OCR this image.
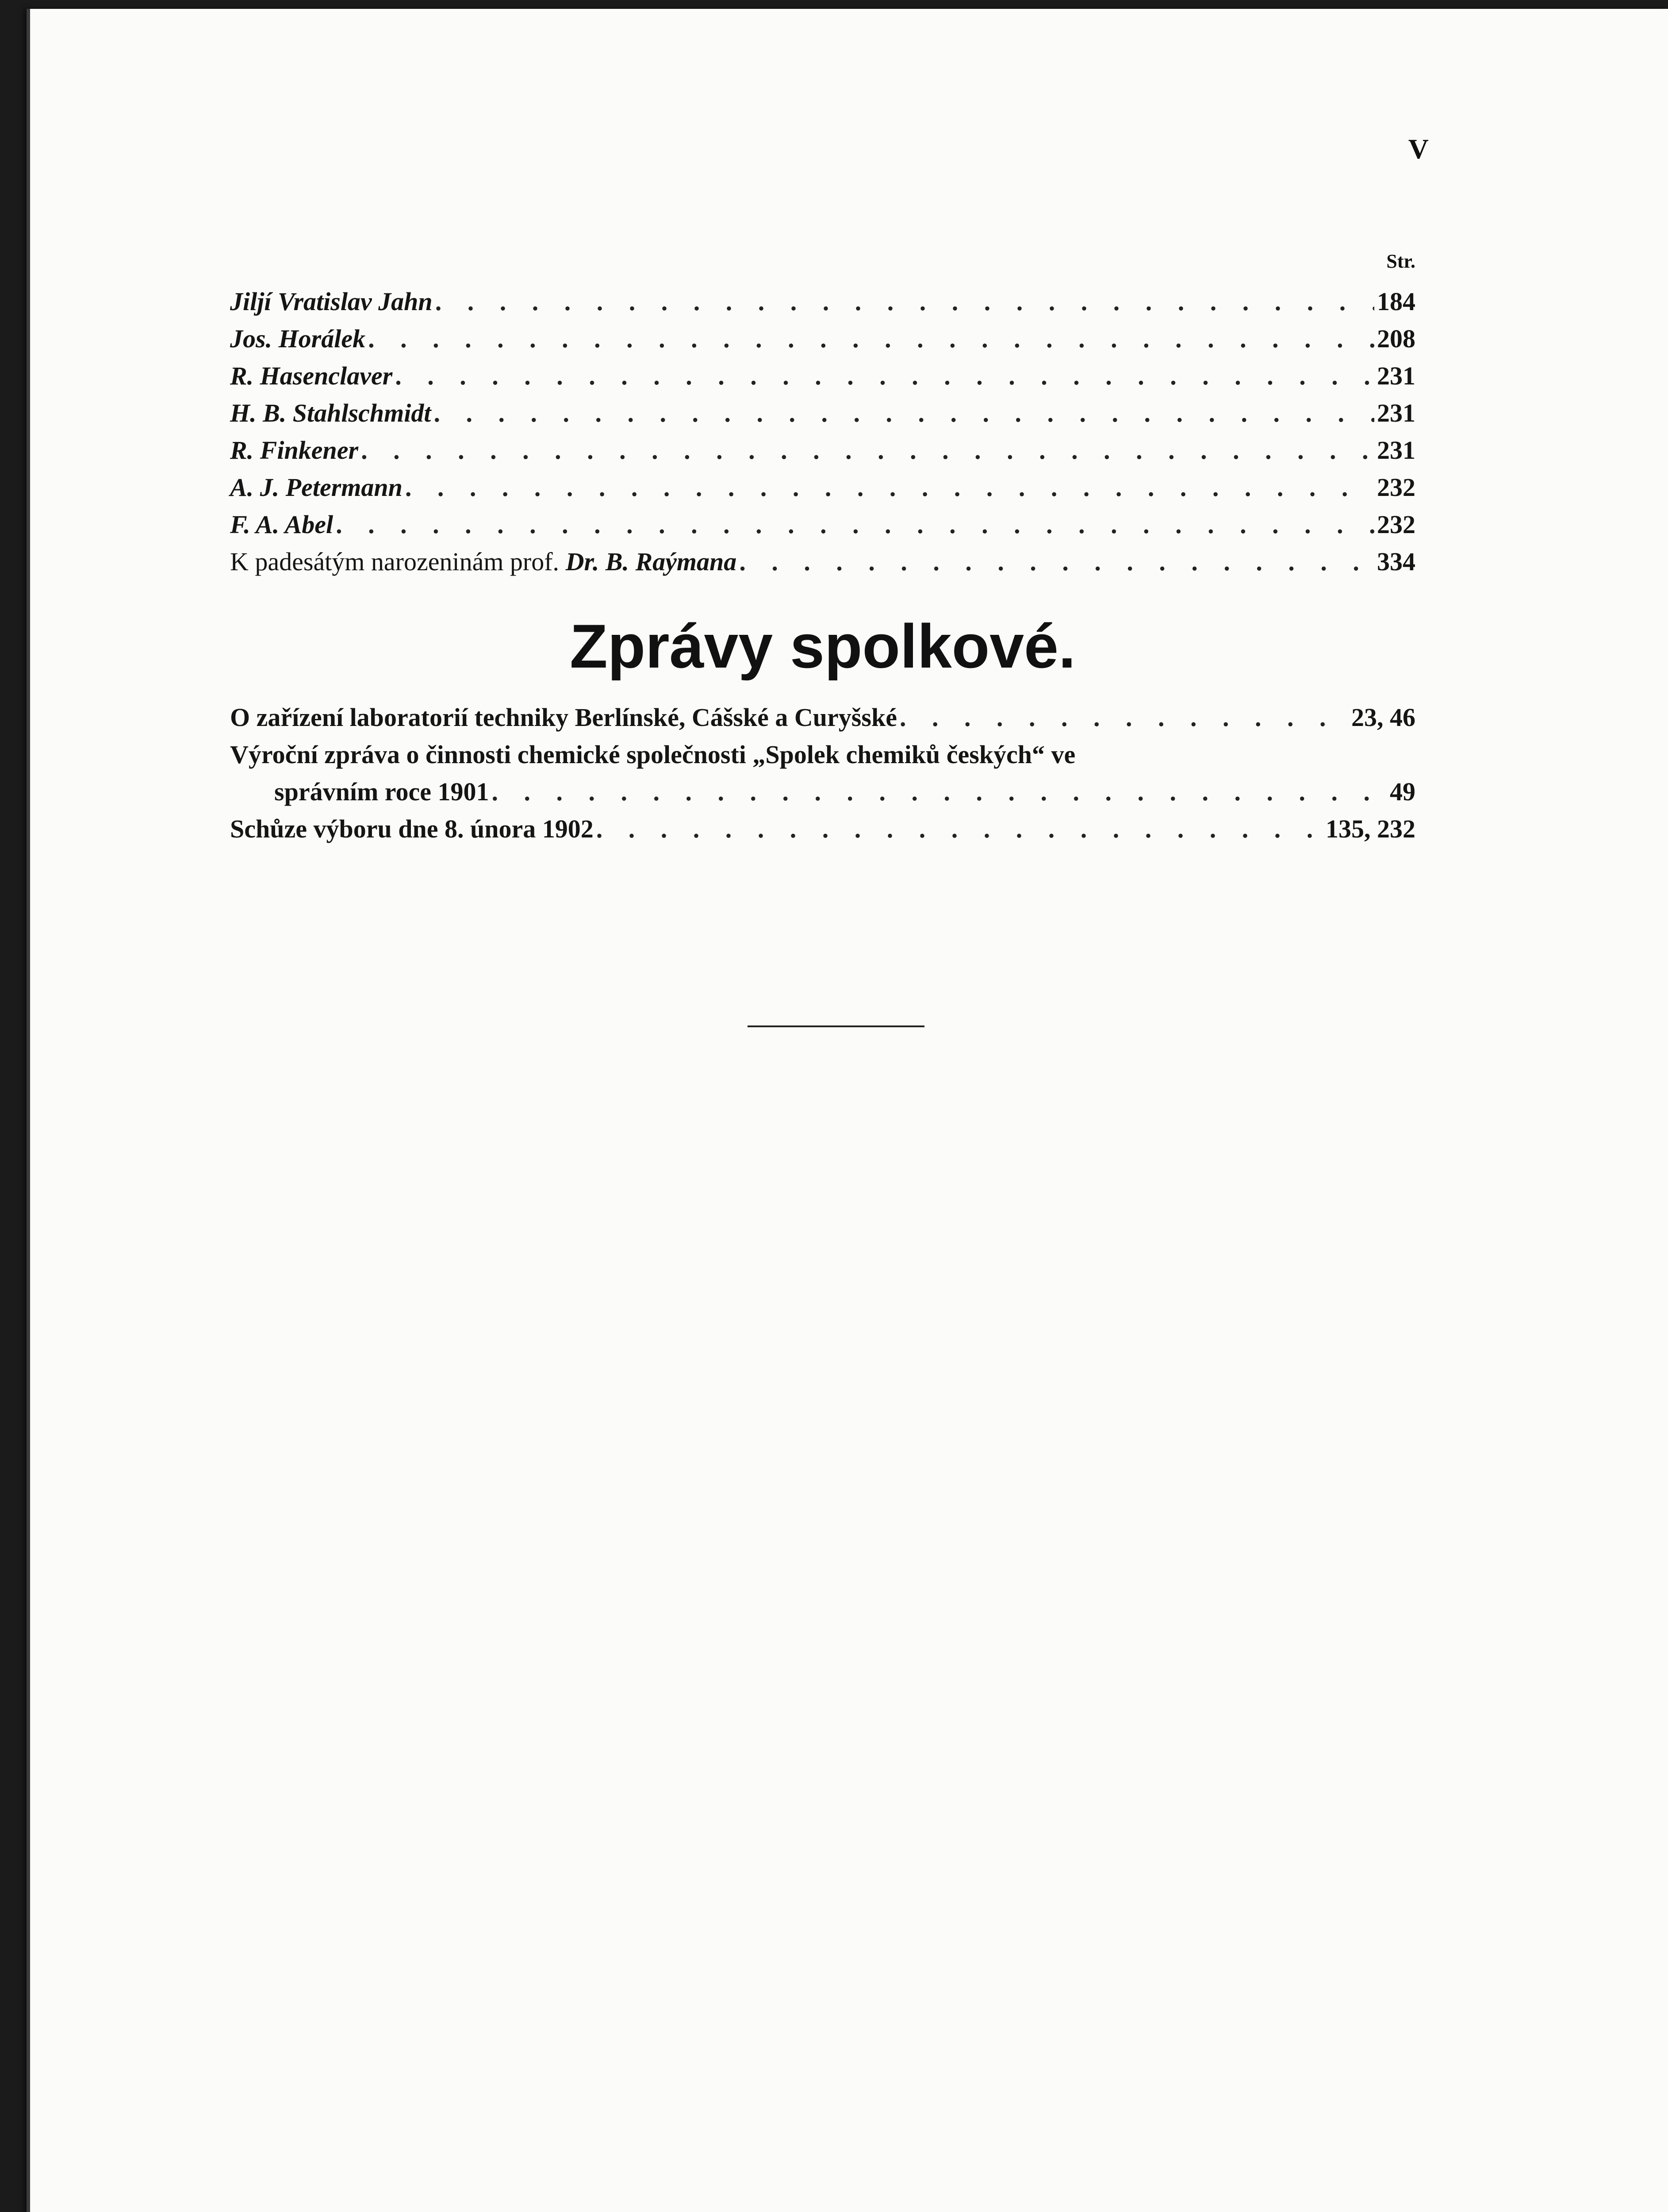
V
Str.
Jiljí Vratislav Jahn . . .	184
Jos. Horálek . . .	208
R. Hasenclaver . . .	231
H. B. Stahlschmidt . . .	231
R. Finkener . . .	231
A. J. Petermann . . .	232
F. A. Abel . . .	232
K padesátým narozeninám prof. Dr. B. Raýmana . . .	334
Zprávy spolkové.
O zařízení laboratorií techniky Berlínské, Cášské a Curyšské . . .	23, 46
Výroční zpráva o činnosti chemické společnosti „Spolek chemiků českých“ ve
správním roce 1901 . . .	49
Schůze výboru dne 8. února 1902 . . .	135, 232
